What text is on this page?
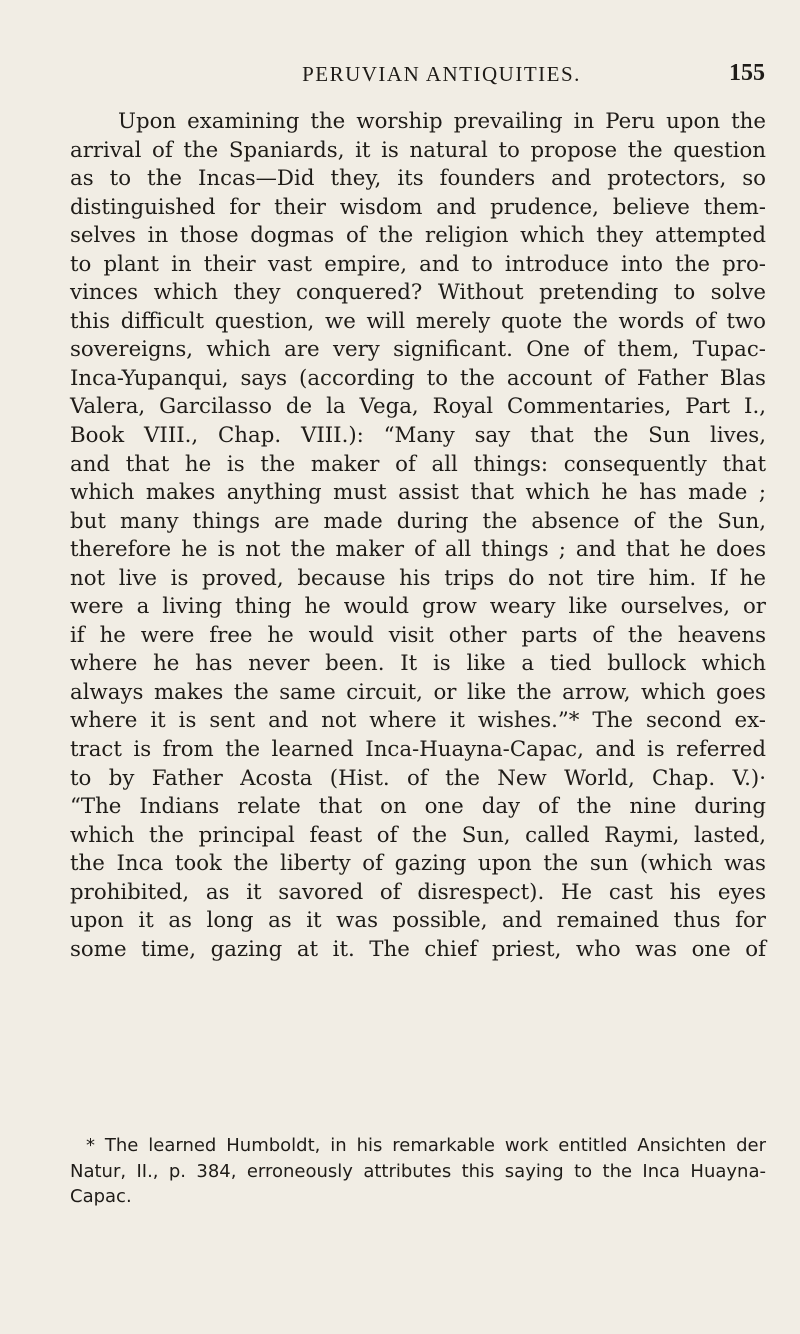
PERUVIAN ANTIQUITIES.	155
Upon examining the worship prevailing in Peru upon the
arrival of the Spaniards, it is natural to propose the question
as to the Incas—Did they, its founders and protectors, so
distinguished for their wisdom and prudence, believe them-
selves in those dogmas of the religion which they attempted
to plant in their vast empire, and to introduce into the pro-
vinces which they conquered? Without pretending to solve
this difficult question, we will merely quote the words of two
sovereigns, which are very significant. One of them, Tupac-
Inca-Yupanqui, says (according to the account of Father Blas
Valera, Garcilasso de la Vega, Royal Commentaries, Part I.,
Book VIII., Chap. VIII.): “Many say that the Sun lives,
and that he is the maker of all things: consequently that
which makes anything must assist that which he has made ;
but many things are made during the absence of the Sun,
therefore he is not the maker of all things ; and that he does
not live is proved, because his trips do not tire him. If he
were a living thing he would grow weary like ourselves, or
if he were free he would visit other parts of the heavens
where he has never been. It is like a tied bullock which
always makes the same circuit, or like the arrow, which goes
where it is sent and not where it wishes.”* The second ex-
tract is from the learned Inca-Huayna-Capac, and is referred
to by Father Acosta (Hist. of the New World, Chap. V.)·
“The Indians relate that on one day of the nine during
which the principal feast of the Sun, called Raymi, lasted,
the Inca took the liberty of gazing upon the sun (which was
prohibited, as it savored of disrespect). He cast his eyes
upon it as long as it was possible, and remained thus for
some time, gazing at it. The chief priest, who was one of
* The learned Humboldt, in his remarkable work entitled Ansichten der
Natur, II., p. 384, erroneously attributes this saying to the Inca Huayna-
Capac.
